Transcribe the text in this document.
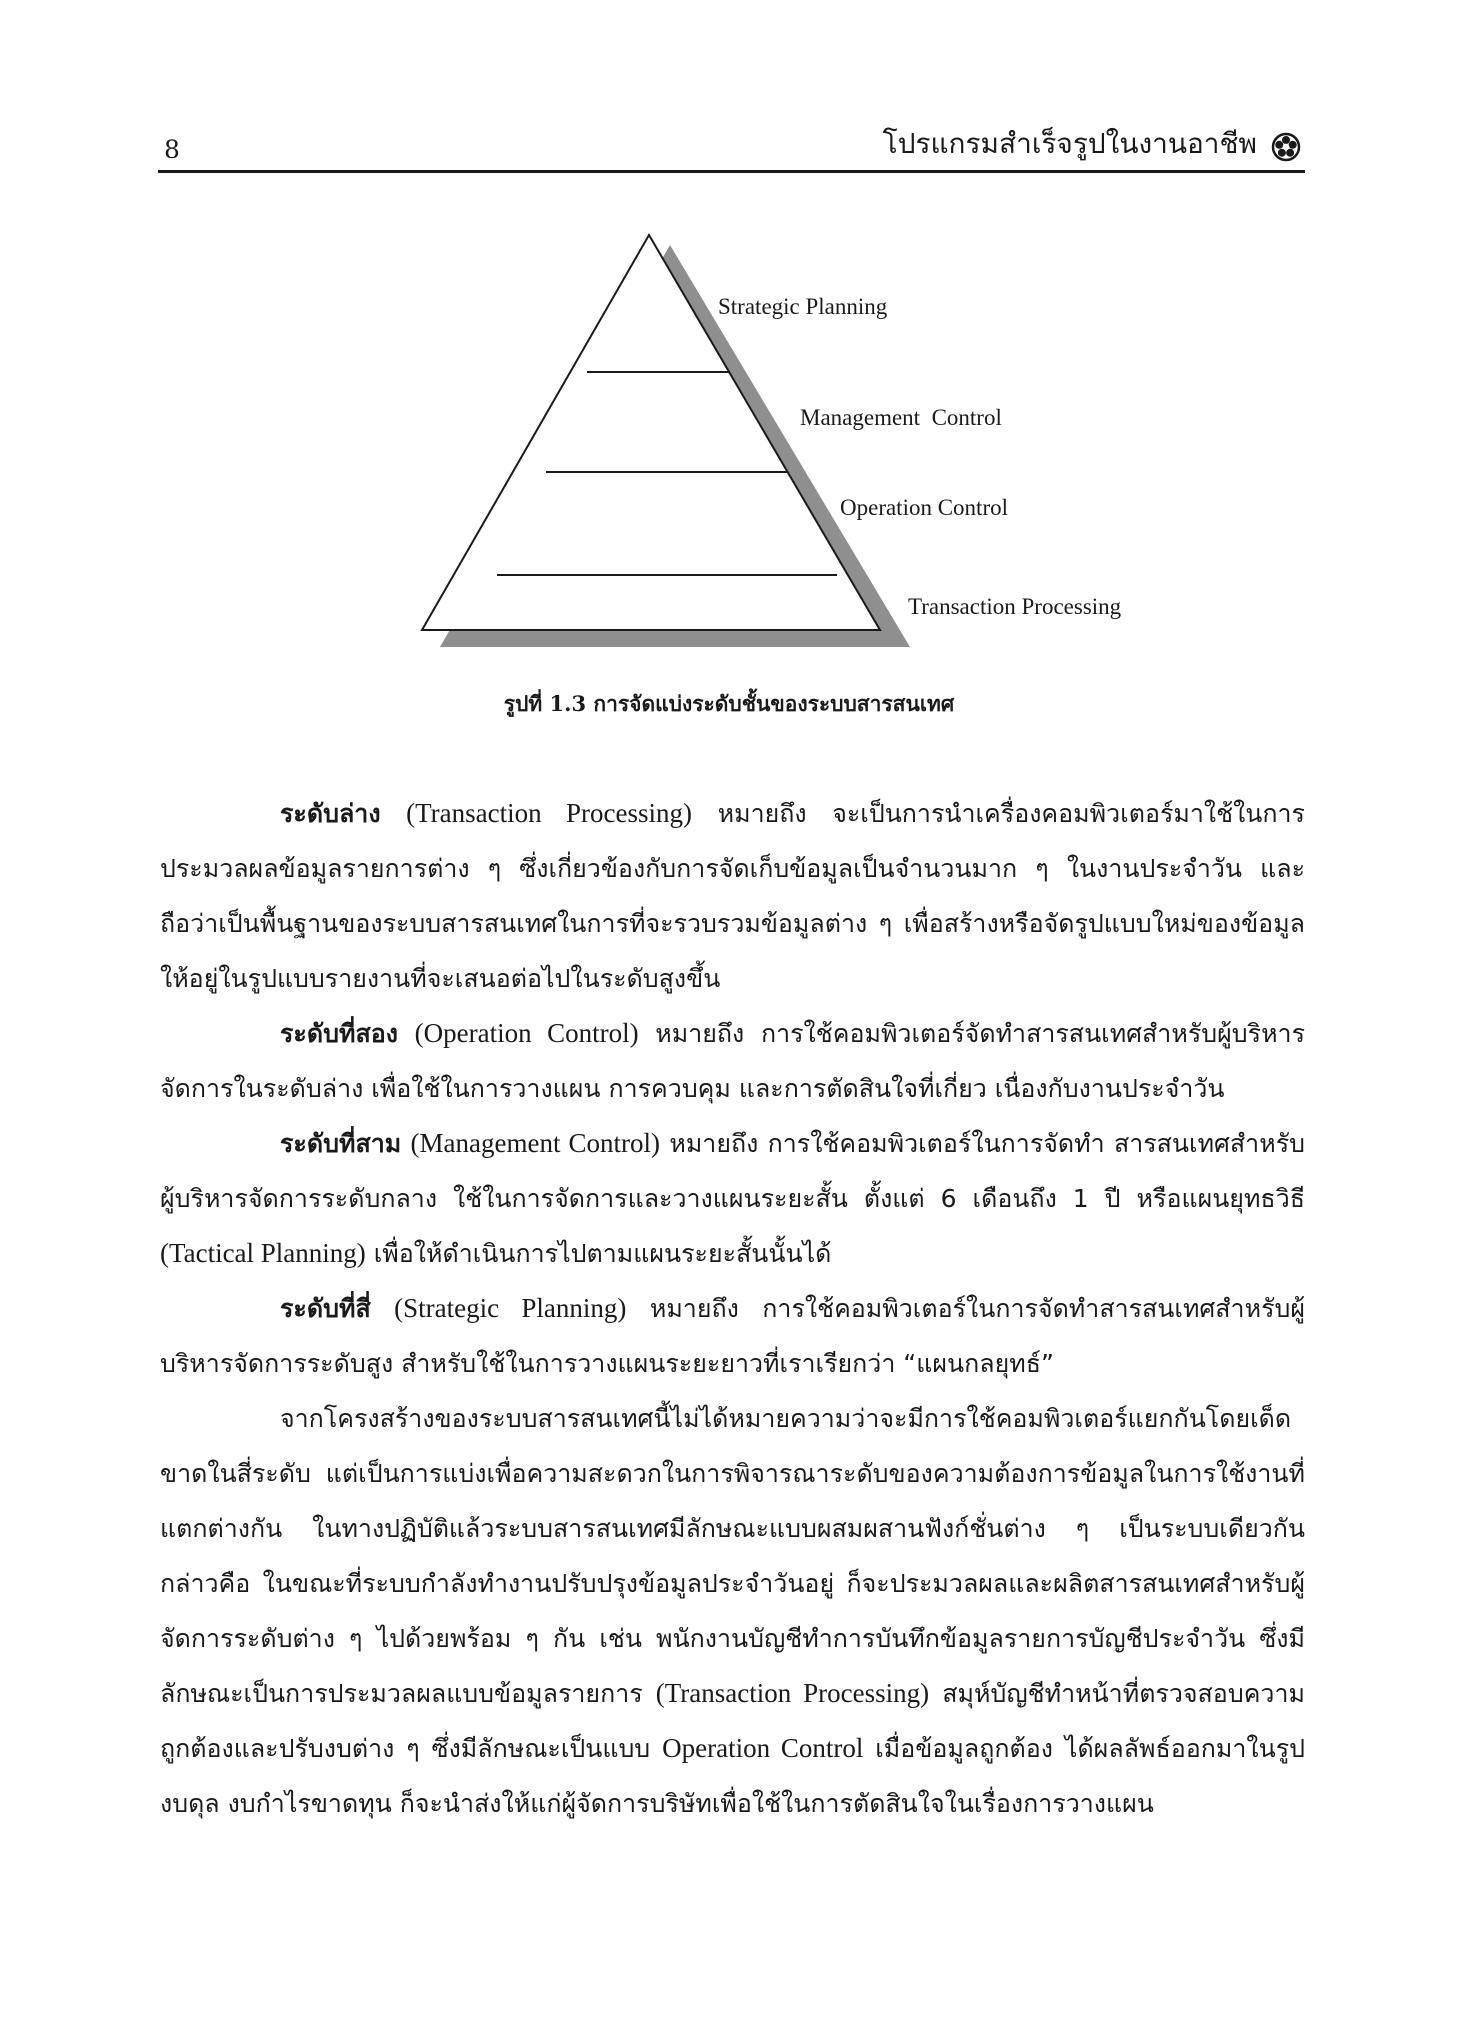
8	โปรแกรมสำเร็จรูปในงานอาชีพ
Strategic Planning
Management  Control
Operation Control
Transaction Processing
รูปที่ 1.3 การจัดแบ่งระดับชั้นของระบบสารสนเทศ

ระดับล่าง (Transaction Processing) หมายถึง จะเป็นการนำเครื่องคอมพิวเตอร์มาใช้ในการประมวลผลข้อมูลรายการต่าง ๆ ซึ่งเกี่ยวข้องกับการจัดเก็บข้อมูลเป็นจำนวนมาก ๆ ในงานประจำวัน และถือว่าเป็นพื้นฐานของระบบสารสนเทศในการที่จะรวบรวมข้อมูลต่าง ๆ เพื่อสร้างหรือจัดรูปแบบใหม่ของข้อมูลให้อยู่ในรูปแบบรายงานที่จะเสนอต่อไปในระดับสูงขึ้น

ระดับที่สอง (Operation Control) หมายถึง การใช้คอมพิวเตอร์จัดทำสารสนเทศสำหรับผู้บริหารจัดการในระดับล่าง เพื่อใช้ในการวางแผน การควบคุม และการตัดสินใจที่เกี่ยว เนื่องกับงานประจำวัน

ระดับที่สาม (Management Control) หมายถึง การใช้คอมพิวเตอร์ในการจัดทำ สารสนเทศสำหรับผู้บริหารจัดการระดับกลาง ใช้ในการจัดการและวางแผนระยะสั้น ตั้งแต่ 6 เดือนถึง 1 ปี หรือแผนยุทธวิธี (Tactical Planning) เพื่อให้ดำเนินการไปตามแผนระยะสั้นนั้นได้

ระดับที่สี่ (Strategic Planning) หมายถึง การใช้คอมพิวเตอร์ในการจัดทำสารสนเทศสำหรับผู้บริหารจัดการระดับสูง สำหรับใช้ในการวางแผนระยะยาวที่เราเรียกว่า “แผนกลยุทธ์”

จากโครงสร้างของระบบสารสนเทศนี้ไม่ได้หมายความว่าจะมีการใช้คอมพิวเตอร์แยกกันโดยเด็ดขาดในสี่ระดับ แต่เป็นการแบ่งเพื่อความสะดวกในการพิจารณาระดับของความต้องการข้อมูลในการใช้งานที่แตกต่างกัน ในทางปฏิบัติแล้วระบบสารสนเทศมีลักษณะแบบผสมผสานฟังก์ชั่นต่าง ๆ เป็นระบบเดียวกัน กล่าวคือ ในขณะที่ระบบกำลังทำงานปรับปรุงข้อมูลประจำวันอยู่ ก็จะประมวลผลและผลิตสารสนเทศสำหรับผู้จัดการระดับต่าง ๆ ไปด้วยพร้อม ๆ กัน เช่น พนักงานบัญชีทำการบันทึกข้อมูลรายการบัญชีประจำวัน ซึ่งมีลักษณะเป็นการประมวลผลแบบข้อมูลรายการ (Transaction Processing) สมุห์บัญชีทำหน้าที่ตรวจสอบความถูกต้องและปรับงบต่าง ๆ ซึ่งมีลักษณะเป็นแบบ Operation Control เมื่อข้อมูลถูกต้อง ได้ผลลัพธ์ออกมาในรูปงบดุล งบกำไรขาดทุน ก็จะนำส่งให้แก่ผู้จัดการบริษัทเพื่อใช้ในการตัดสินใจในเรื่องการวางแผน
